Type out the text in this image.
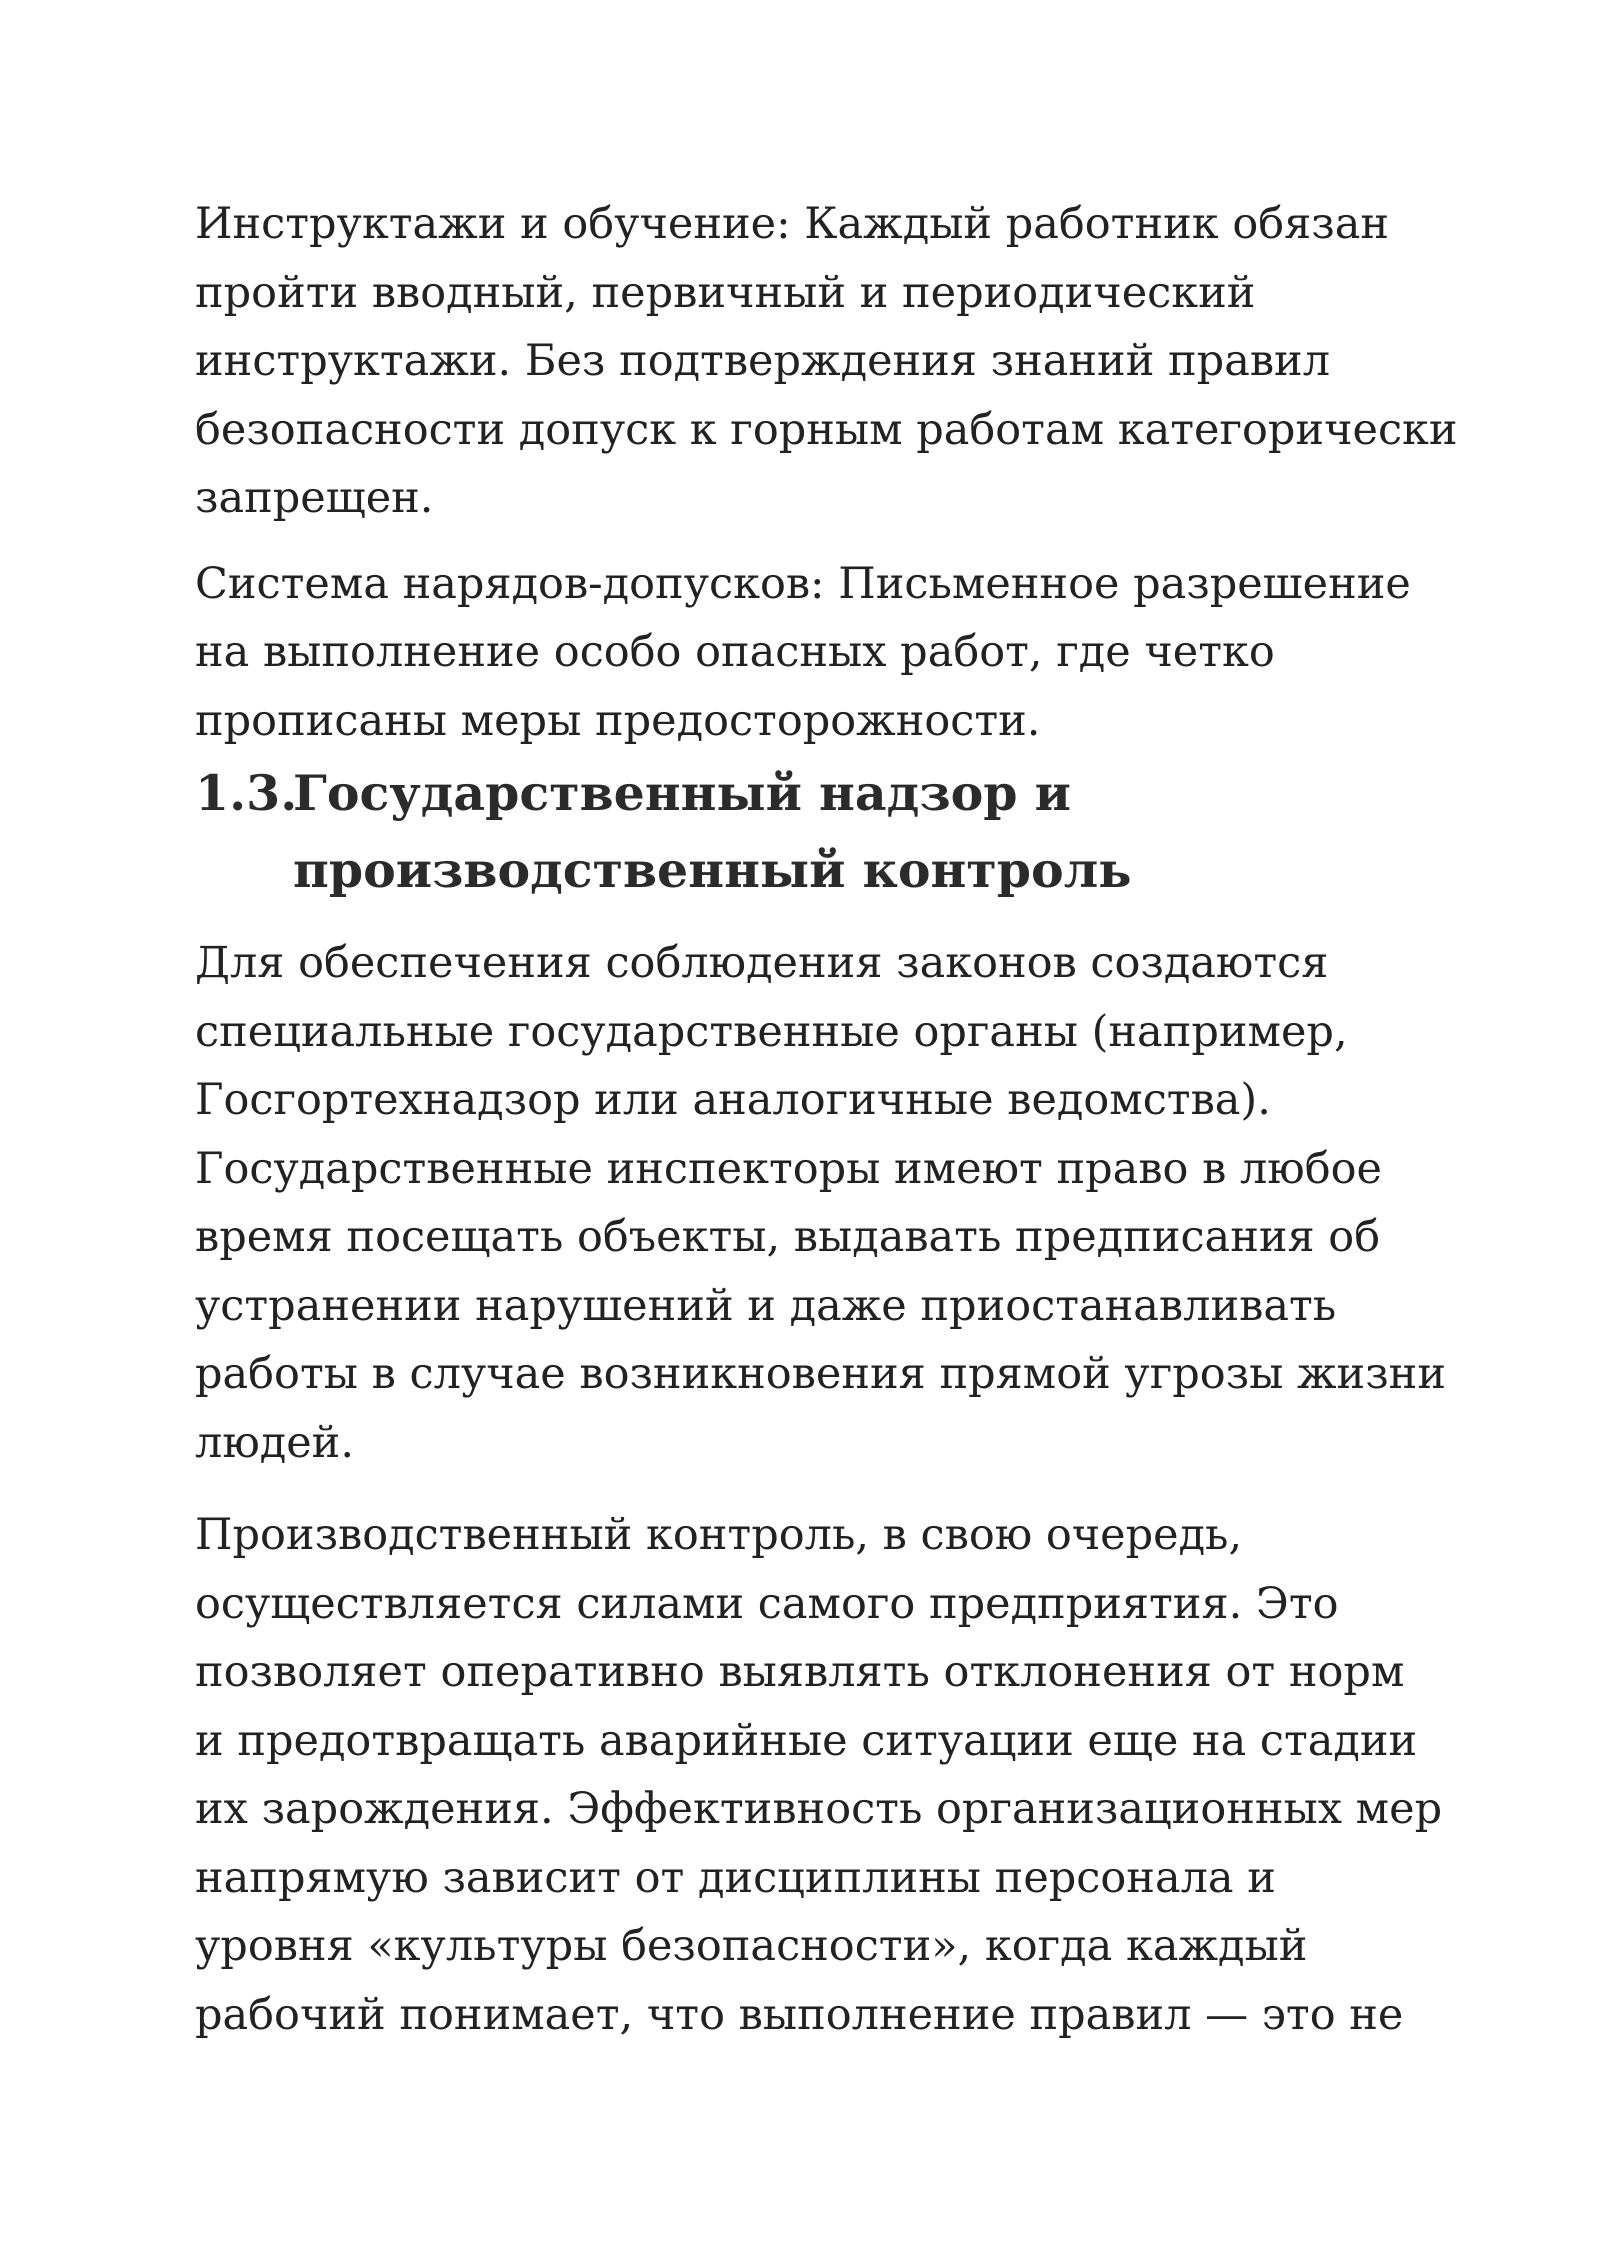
Инструктажи и обучение: Каждый работник обязан
пройти вводный, первичный и периодический
инструктажи. Без подтверждения знаний правил
безопасности допуск к горным работам категорически
запрещен.

Система нарядов-допусков: Письменное разрешение
на выполнение особо опасных работ, где четко
прописаны меры предосторожности.

1.3.
Государственный надзор и
производственный контроль

Для обеспечения соблюдения законов создаются
специальные государственные органы (например,
Госгортехнадзор или аналогичные ведомства).
Государственные инспекторы имеют право в любое
время посещать объекты, выдавать предписания об
устранении нарушений и даже приостанавливать
работы в случае возникновения прямой угрозы жизни
людей.

Производственный контроль, в свою очередь,
осуществляется силами самого предприятия. Это
позволяет оперативно выявлять отклонения от норм
и предотвращать аварийные ситуации еще на стадии
их зарождения. Эффективность организационных мер
напрямую зависит от дисциплины персонала и
уровня «культуры безопасности», когда каждый
рабочий понимает, что выполнение правил — это не
